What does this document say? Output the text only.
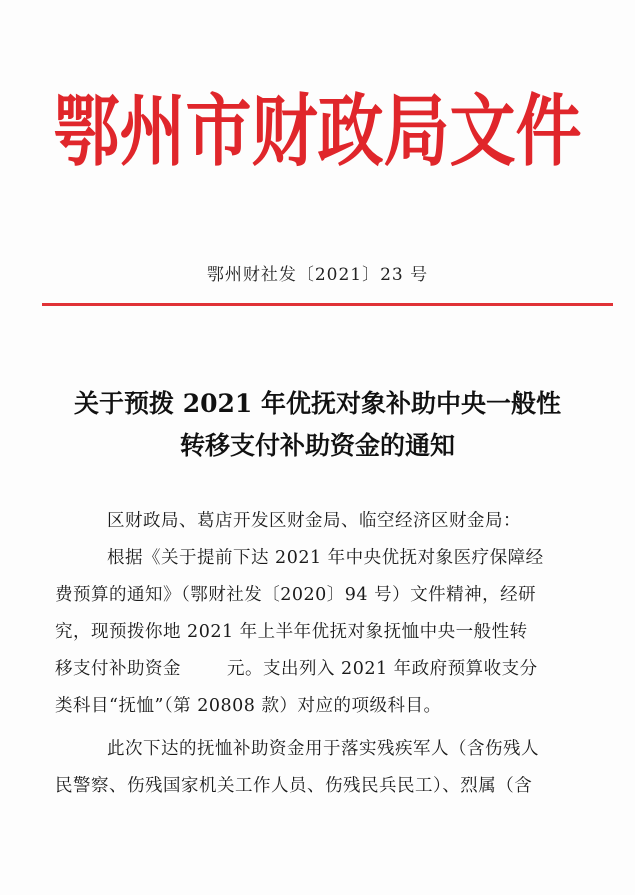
鄂州市财政局文件
鄂州财社发〔2021〕23 号
关于预拨 2021 年优抚对象补助中央一般性
转移支付补助资金的通知
区财政局、葛店开发区财金局、临空经济区财金局：
根据《关于提前下达 2021 年中央优抚对象医疗保障经
费预算的通知》（鄂财社发〔2020〕94 号）文件精神，经研
究，现预拨你地 2021 年上半年优抚对象抚恤中央一般性转
移支付补助资金	元。支出列入 2021 年政府预算收支分
类科目“抚恤”（第 20808 款）对应的项级科目。
此次下达的抚恤补助资金用于落实残疾军人（含伤残人
民警察、伤残国家机关工作人员、伤残民兵民工）、烈属（含
